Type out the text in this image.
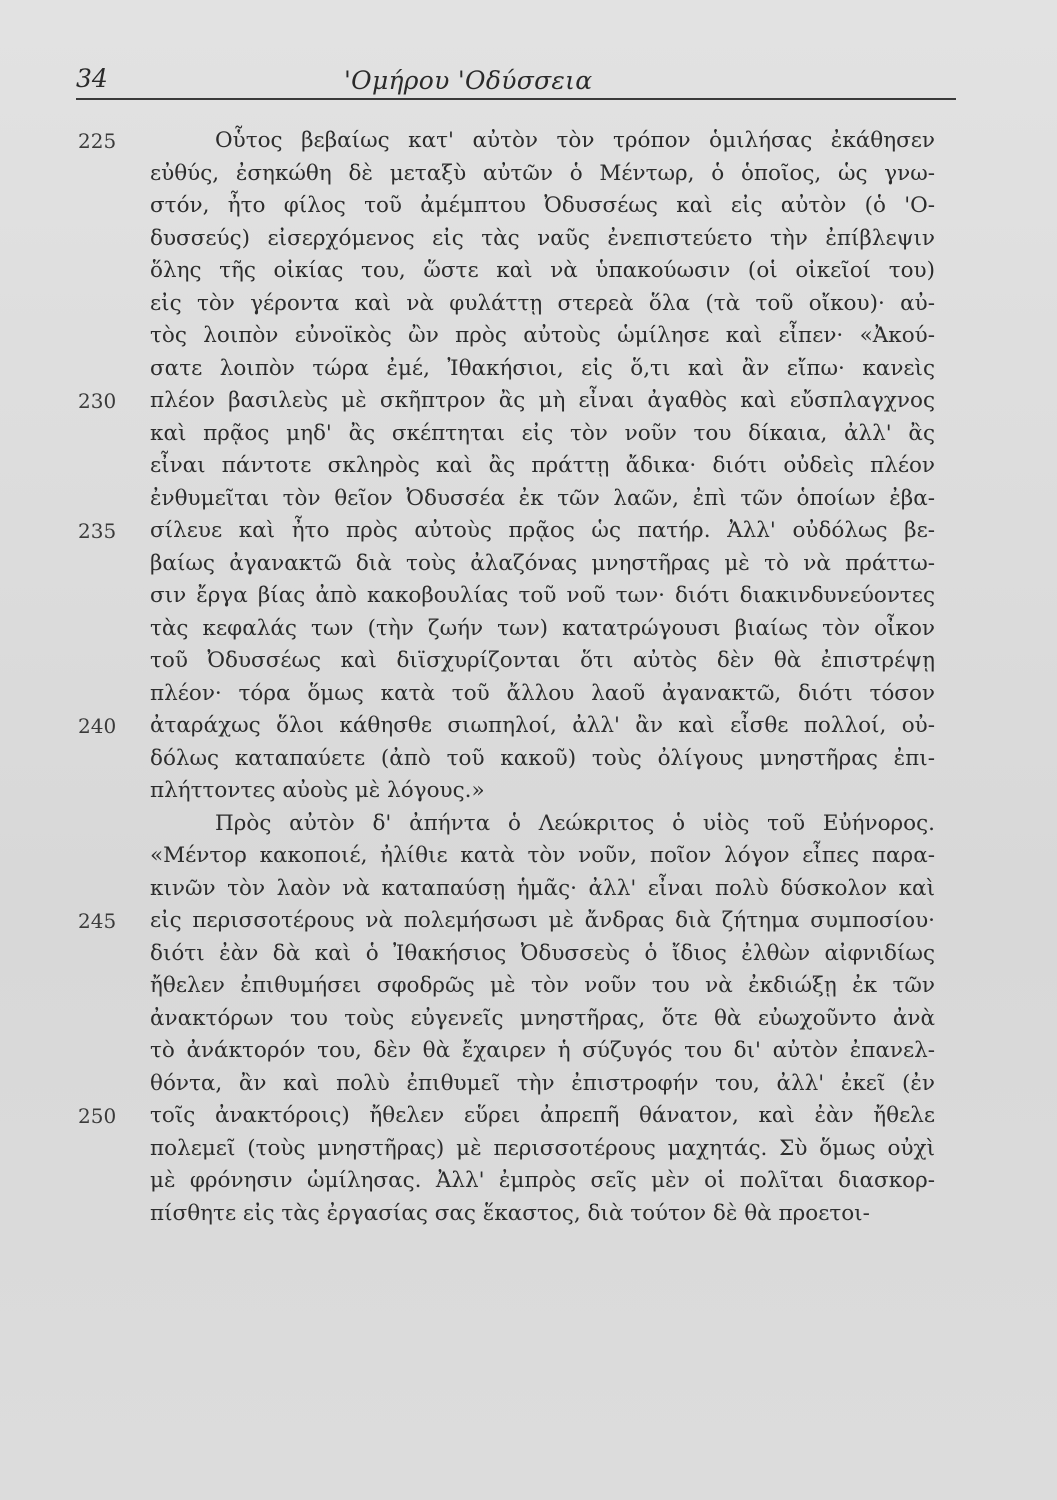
34	'Ομήρου 'Οδύσσεια
225	Οὗτος βεβαίως κατ' αὐτὸν τὸν τρόπον ὁμιλήσας ἐκάθησεν
εὐθύς, ἐσηκώθη δὲ μεταξὺ αὐτῶν ὁ Μέντωρ, ὁ ὁποῖος, ὡς γνω-
στόν, ἦτο φίλος τοῦ ἀμέμπτου Ὀδυσσέως καὶ εἰς αὐτὸν (ὁ 'Ο-
δυσσεύς) εἰσερχόμενος εἰς τὰς ναῦς ἐνεπιστεύετο τὴν ἐπίβλεψιν
ὅλης τῆς οἰκίας του, ὥστε καὶ νὰ ὑπακούωσιν (οἱ οἰκεῖοί του)
εἰς τὸν γέροντα καὶ νὰ φυλάττῃ στερεὰ ὅλα (τὰ τοῦ οἴκου)· αὐ-
τὸς λοιπὸν εὐνοϊκὸς ὢν πρὸς αὐτοὺς ὡμίλησε καὶ εἶπεν· «Ἀκού-
σατε λοιπὸν τώρα ἐμέ, Ἰθακήσιοι, εἰς ὅ,τι καὶ ἂν εἴπω· κανεὶς
230	πλέον βασιλεὺς μὲ σκῆπτρον ἂς μὴ εἶναι ἀγαθὸς καὶ εὔσπλαγχνος
καὶ πρᾷος μηδ' ἂς σκέπτηται εἰς τὸν νοῦν του δίκαια, ἀλλ' ἂς
εἶναι πάντοτε σκληρὸς καὶ ἂς πράττῃ ἄδικα· διότι οὐδεὶς πλέον
ἐνθυμεῖται τὸν θεῖον Ὀδυσσέα ἐκ τῶν λαῶν, ἐπὶ τῶν ὁποίων ἐβα-
235	σίλευε καὶ ἦτο πρὸς αὐτοὺς πρᾷος ὡς πατήρ. Ἀλλ' οὐδόλως βε-
βαίως ἀγανακτῶ διὰ τοὺς ἀλαζόνας μνηστῆρας μὲ τὸ νὰ πράττω-
σιν ἔργα βίας ἀπὸ κακοβουλίας τοῦ νοῦ των· διότι διακινδυνεύοντες
τὰς κεφαλάς των (τὴν ζωήν των) κατατρώγουσι βιαίως τὸν οἶκον
τοῦ Ὀδυσσέως καὶ διϊσχυρίζονται ὅτι αὐτὸς δὲν θὰ ἐπιστρέψῃ
πλέον· τόρα ὅμως κατὰ τοῦ ἄλλου λαοῦ ἀγανακτῶ, διότι τόσον
240	ἀταράχως ὅλοι κάθησθε σιωπηλοί, ἀλλ' ἂν καὶ εἶσθε πολλοί, οὐ-
δόλως καταπαύετε (ἀπὸ τοῦ κακοῦ) τοὺς ὀλίγους μνηστῆρας ἐπι-
πλήττοντες αὐοὺς μὲ λόγους.»
Πρὸς αὐτὸν δ' ἀπήντα ὁ Λεώκριτος ὁ υἱὸς τοῦ Εὐήνορος.
«Μέντορ κακοποιέ, ἠλίθιε κατὰ τὸν νοῦν, ποῖον λόγον εἶπες παρα-
κινῶν τὸν λαὸν νὰ καταπαύσῃ ἡμᾶς· ἀλλ' εἶναι πολὺ δύσκολον καὶ
245	εἰς περισσοτέρους νὰ πολεμήσωσι μὲ ἄνδρας διὰ ζήτημα συμποσίου·
διότι ἐὰν δὰ καὶ ὁ Ἰθακήσιος Ὀδυσσεὺς ὁ ἴδιος ἐλθὼν αἰφνιδίως
ἤθελεν ἐπιθυμήσει σφοδρῶς μὲ τὸν νοῦν του νὰ ἐκδιώξῃ ἐκ τῶν
ἀνακτόρων του τοὺς εὐγενεῖς μνηστῆρας, ὅτε θὰ εὐωχοῦντο ἀνὰ
τὸ ἀνάκτορόν του, δὲν θὰ ἔχαιρεν ἡ σύζυγός του δι' αὐτὸν ἐπανελ-
θόντα, ἂν καὶ πολὺ ἐπιθυμεῖ τὴν ἐπιστροφήν του, ἀλλ' ἐκεῖ (ἐν
250	τοῖς ἀνακτόροις) ἤθελεν εὕρει ἀπρεπῆ θάνατον, καὶ ἐὰν ἤθελε
πολεμεῖ (τοὺς μνηστῆρας) μὲ περισσοτέρους μαχητάς. Σὺ ὅμως οὐχὶ
μὲ φρόνησιν ὡμίλησας. Ἀλλ' ἐμπρὸς σεῖς μὲν οἱ πολῖται διασκορ-
πίσθητε εἰς τὰς ἐργασίας σας ἕκαστος, διὰ τούτον δὲ θὰ προετοι-
